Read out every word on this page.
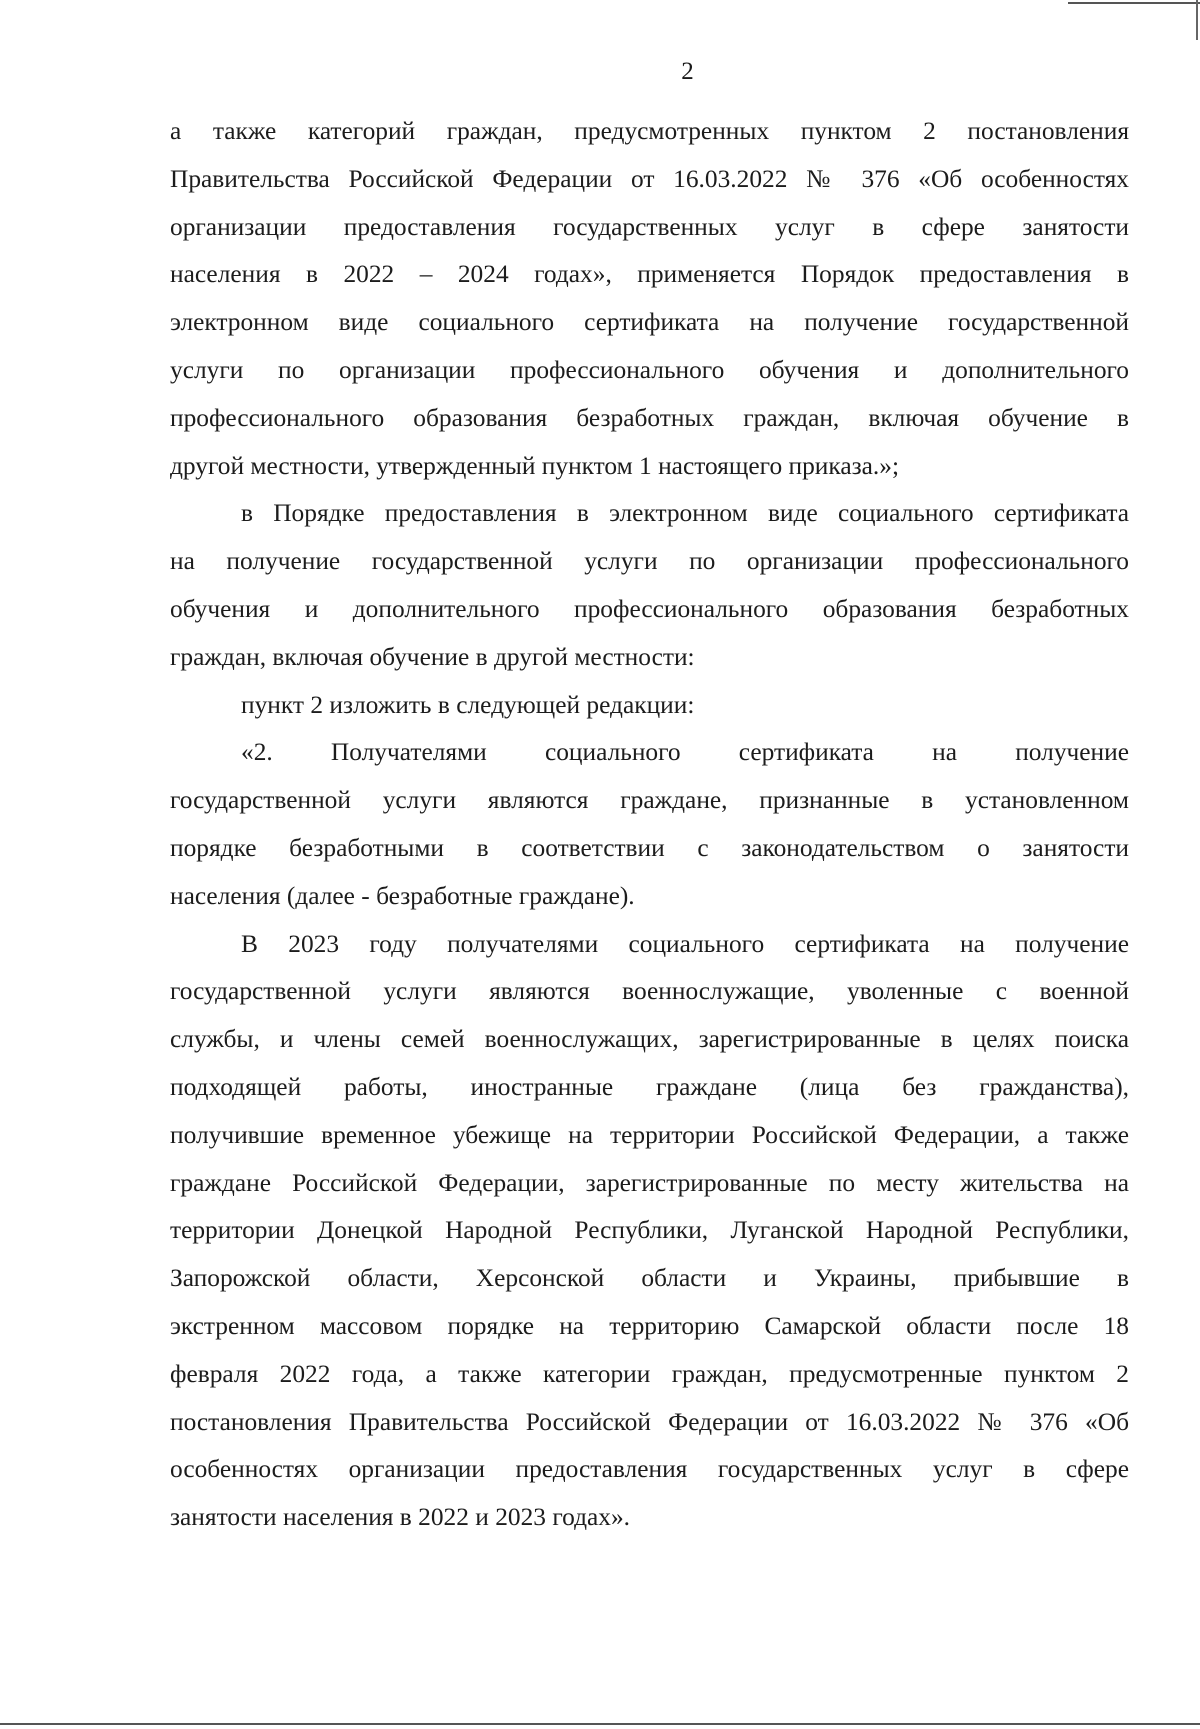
2
а также категорий граждан, предусмотренных пунктом 2 постановления
Правительства Российской Федерации от 16.03.2022 № 376 «Об особенностях
организации предоставления государственных услуг в сфере занятости
населения в 2022 – 2024 годах», применяется Порядок предоставления в
электронном виде социального сертификата на получение государственной
услуги по организации профессионального обучения и дополнительного
профессионального образования безработных граждан, включая обучение в
другой местности, утвержденный пунктом 1 настоящего приказа.»;
в Порядке предоставления в электронном виде социального сертификата
на получение государственной услуги по организации профессионального
обучения и дополнительного профессионального образования безработных
граждан, включая обучение в другой местности:
пункт 2 изложить в следующей редакции:
«2. Получателями социального сертификата на получение
государственной услуги являются граждане, признанные в установленном
порядке безработными в соответствии с законодательством о занятости
населения (далее - безработные граждане).
В 2023 году получателями социального сертификата на получение
государственной услуги являются военнослужащие, уволенные с военной
службы, и члены семей военнослужащих, зарегистрированные в целях поиска
подходящей работы, иностранные граждане (лица без гражданства),
получившие временное убежище на территории Российской Федерации, а также
граждане Российской Федерации, зарегистрированные по месту жительства на
территории Донецкой Народной Республики, Луганской Народной Республики,
Запорожской области, Херсонской области и Украины, прибывшие в
экстренном массовом порядке на территорию Самарской области после 18
февраля 2022 года, а также категории граждан, предусмотренные пунктом 2
постановления Правительства Российской Федерации от 16.03.2022 № 376 «Об
особенностях организации предоставления государственных услуг в сфере
занятости населения в 2022 и 2023 годах».
